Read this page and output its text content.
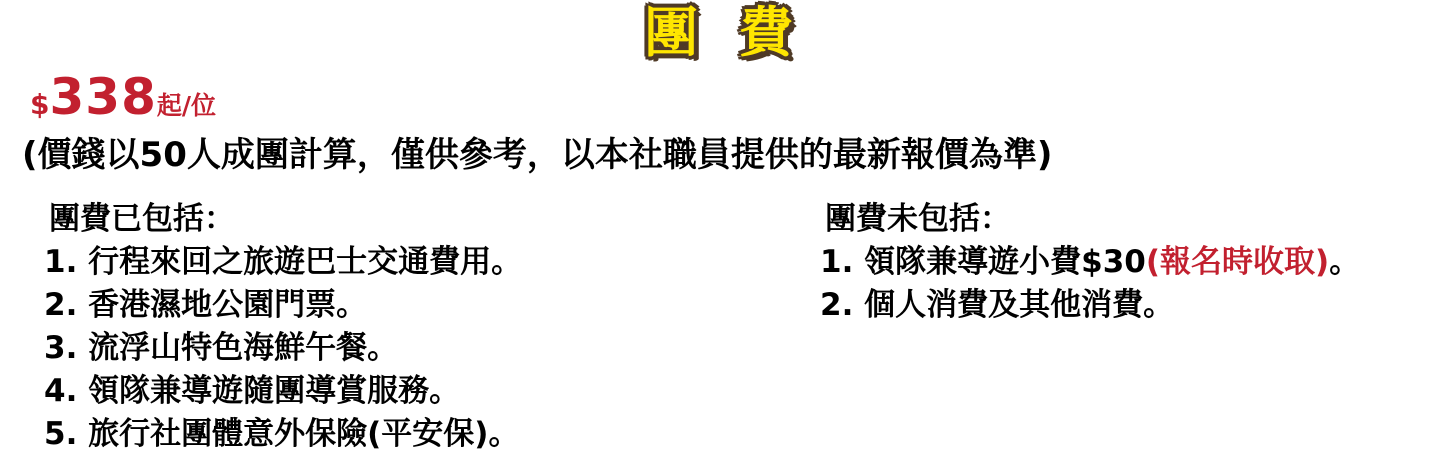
團 費
$338起/位

(價錢以50人成團計算，僅供參考，以本社職員提供的最新報價為準)

團費已包括：
1. 行程來回之旅遊巴士交通費用。
2. 香港濕地公園門票。
3. 流浮山特色海鮮午餐。
4. 領隊兼導遊隨團導賞服務。
5. 旅行社團體意外保險(平安保)。
團費未包括：
1. 領隊兼導遊小費$30(報名時收取)。
2. 個人消費及其他消費。
